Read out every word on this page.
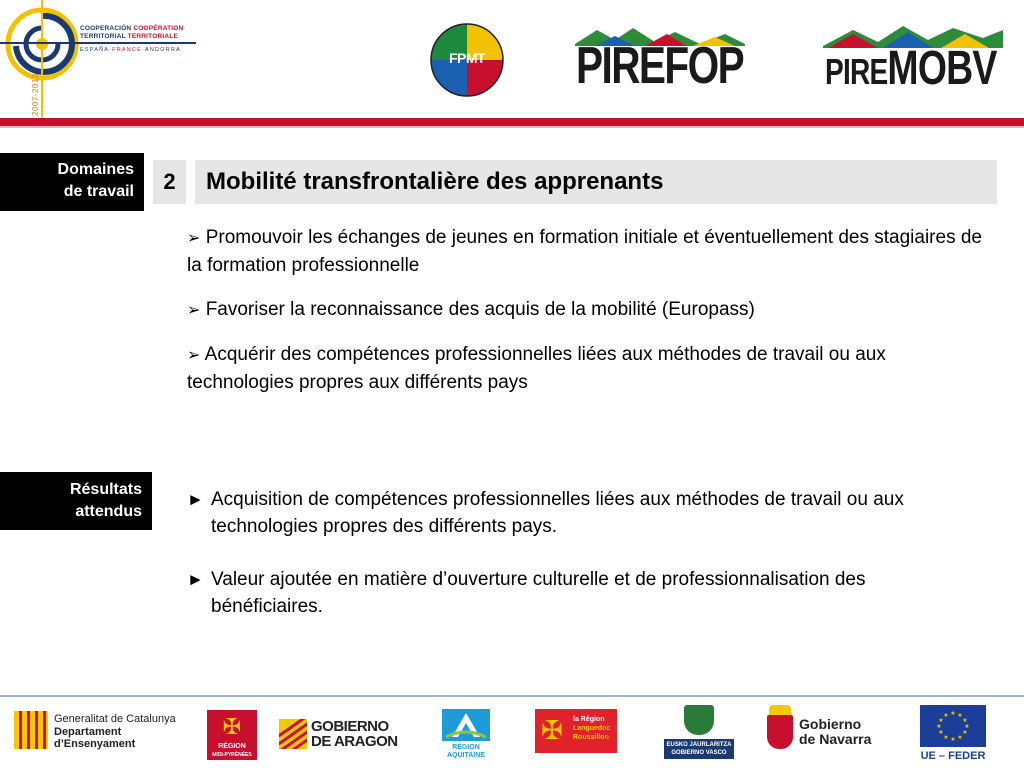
2007-2013
COOPERACIÓN COOPÉRATION
TERRITORIAL TERRITORIALE
ESPAÑA·FRANCE·ANDORRA	FPMT	PIREFOP PIREMOBV
Domaines
de travail	2	Mobilité transfrontalière des apprenants

➢ Promouvoir les échanges de jeunes en formation initiale et éventuellement des stagiaires de la formation professionnelle

➢ Favoriser la reconnaissance des acquis de la mobilité (Europass)

➢ Acquérir des compétences professionnelles liées aux méthodes de travail ou aux technologies propres aux différents pays

Résultats
attendus

► Acquisition de compétences professionnelles liées aux méthodes de travail ou aux technologies propres des différents pays.

► Valeur ajoutée en matière d’ouverture culturelle et de professionnalisation des bénéficiaires.

Generalitat de Catalunya
Departament
d’Ensenyament
✠
RÉGION
MIDI-PYRÉNÉES
GOBIERNO
DE ARAGON	RÉGION
AQUITAINE
✠ la Région
Languedoc
Roussillon
EUSKO JAURLARITZA
GOBIERNO VASCO
Gobierno
de Navarra
★ ★
★
★
★
★
★
★
★
★
★
★
UE – FEDER
